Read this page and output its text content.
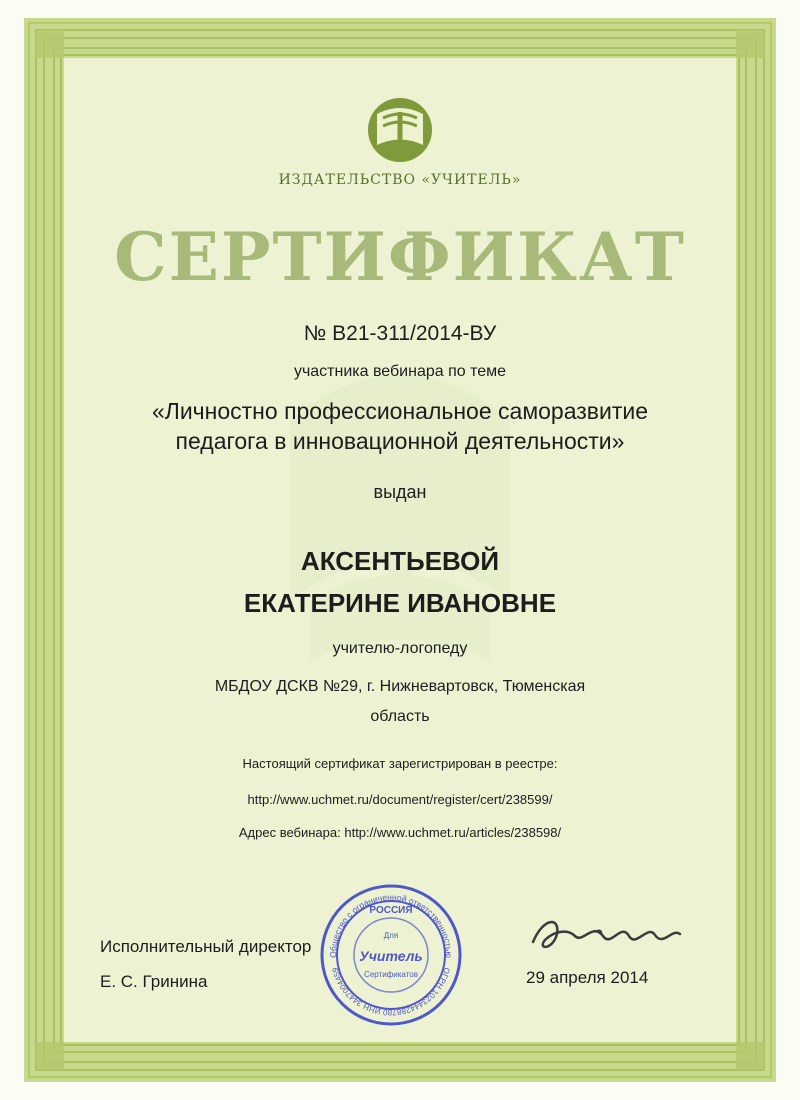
ИЗДАТЕЛЬСТВО «УЧИТЕЛЬ»
СЕРТИФИКАТ
№ В21-311/2014-ВУ
участника вебинара по теме
«Личностно профессиональное саморазвитие
педагога в инновационной деятельности»
выдан
АКСЕНТЬЕВОЙ
ЕКАТЕРИНЕ ИВАНОВНЕ
учителю-логопеду
МБДОУ ДСКВ №29, г. Нижневартовск, Тюменская
область
Настоящий сертификат зарегистрирован в реестре:
http://www.uchmet.ru/document/register/cert/238599/
Адрес вебинара: http://www.uchmet.ru/articles/238598/
Исполнительный директор
Е. С. Гринина	29 апреля 2014
Общество с ограниченной ответственностью
ОГРН 1023444288780 ИНН 3447004459
РОССИЯ
Для
Учитель
Сертификатов
